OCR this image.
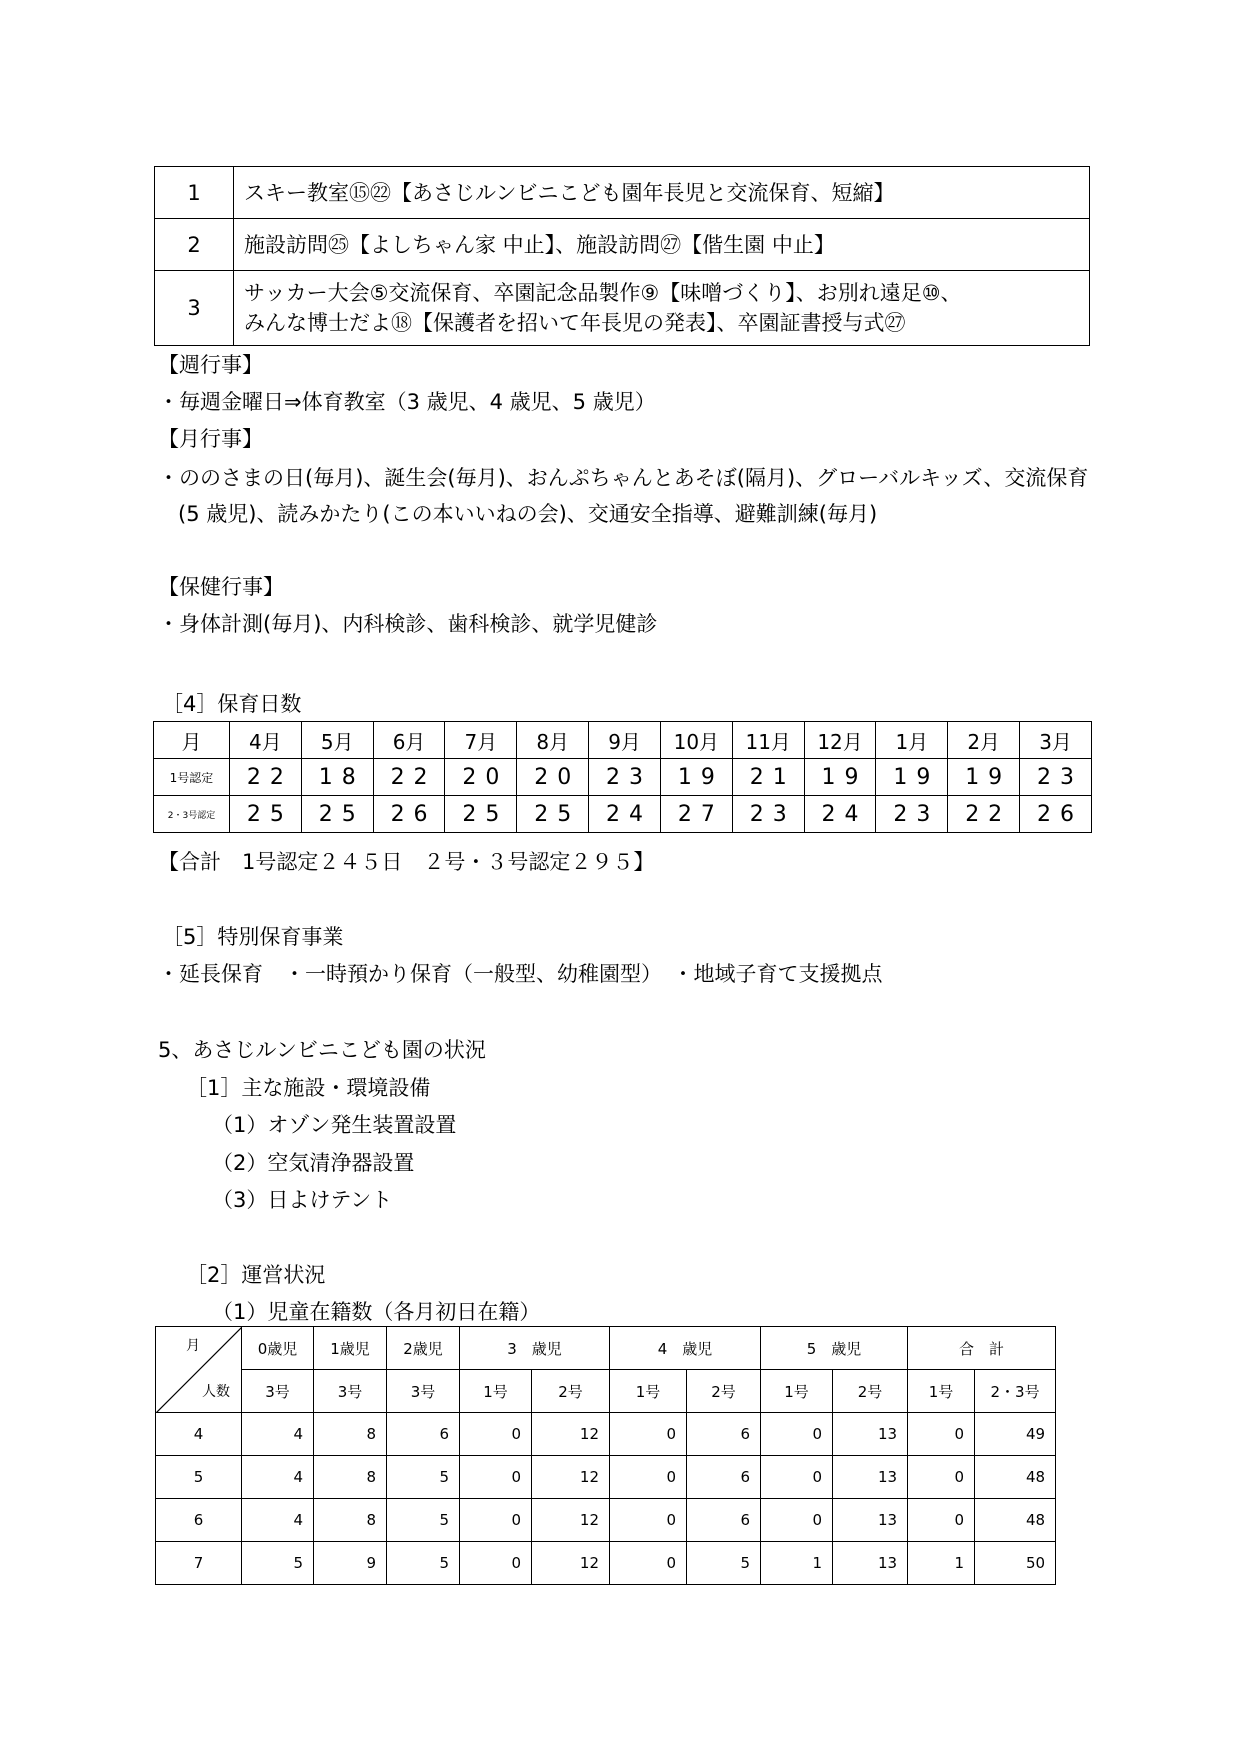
1	スキー教室⑮㉒【あさじルンビニこども園年長児と交流保育、短縮】

2	施設訪問㉕【よしちゃん家 中止】、施設訪問㉗【偕生園 中止】

3	サッカー大会⑤交流保育、卒園記念品製作⑨【味噌づくり】、お別れ遠足⑩、
みんな博士だよ⑱【保護者を招いて年長児の発表】、卒園証書授与式㉗
【週行事】
・毎週金曜日⇒体育教室（3 歳児、4 歳児、5 歳児）
【月行事】
・ののさまの日(毎月)、誕生会(毎月)、おんぷちゃんとあそぼ(隔月)、グローバルキッズ、交流保育(5 歳児)、読みかたり(この本いいねの会)、交通安全指導、避難訓練(毎月)
【保健行事】
・身体計測(毎月)、内科検診、歯科検診、就学児健診
［4］保育日数
月	4月	5月	6月	7月	8月	9月	10月	11月	12月	1月	2月	3月
1号認定	22	18	22	20	20	23	19	21	19	19	19	23
2・3号認定	25	25	26	25	25	24	27	23	24	23	22	26
【合計　1号認定２４５日　２号・３号認定２９５】
［5］特別保育事業
・延長保育　・一時預かり保育（一般型、幼稚園型）　・地域子育て支援拠点
5、あさじルンビニこども園の状況
［1］主な施設・環境設備
（1）オゾン発生装置設置
（2）空気清浄器設置
（3）日よけテント
［2］運営状況
（1）児童在籍数（各月初日在籍）
月
人数	0歳児	1歳児	2歳児	3　歳児		4　歳児		5　歳児		合　計	
	3号	3号	3号	1号	2号	1号	2号	1号	2号	1号	2・3号
4	4	8	6	0	12	0	6	0	13	0	49
5	4	8	5	0	12	0	6	0	13	0	48
6	4	8	5	0	12	0	6	0	13	0	48
7	5	9	5	0	12	0	5	1	13	1	50
